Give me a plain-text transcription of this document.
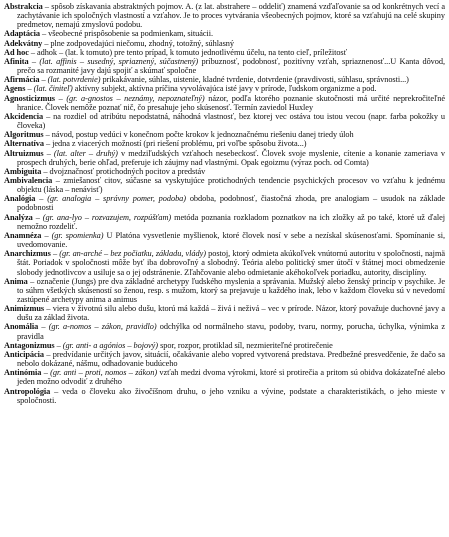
Abstrakcia – spôsob získavania abstraktných pojmov. A. (z lat. abstrahere – oddeliť) znamená vzďaľovanie sa od konkrétnych vecí a zachytávanie ich spoločných vlastností a vzťahov. Je to proces vytvárania všeobecných pojmov, ktoré sa vzťahujú na celé skupiny predmetov, nemajú zmyslovú podobu.

Adaptácia – všeobecné prispôsobenie sa podmienkam, situácii.

Adekvátny – plne zodpovedajúci niečomu, zhodný, totožný, súhlasný

Ad hoc – adhok – (lat. k tomuto) pre tento prípad, k tomuto jednotlivému účelu, na tento cieľ, príležitosť

Afinita – (lat. affinis – susedný, spriaznený, súčastnený) príbuznosť, podobnosť, pozitívny vzťah, spriaznenosť...U Kanta dôvod, prečo sa rozmanité javy dajú spojiť a skúmať spoločne

Afirmácia – (lat. potvrdenie) prikakávanie, súhlas, uistenie, kladné tvrdenie, dotvrdenie (pravdivosti, súhlasu, správnosti...)

Agens – (lat. činiteľ) aktívny subjekt, aktívna príčina vyvolávajúca isté javy v prírode, ľudskom organizme a pod.

Agnosticizmus – (gr. a-gnostos – neznámy, nepoznateľný) názor, podľa ktorého poznanie skutočnosti má určité neprekročiteľné hranice. Človek nemôže poznať nič, čo presahuje jeho skúsenosť. Termín zaviedol Huxley

Akcidencia – na rozdiel od atribútu nepodstatná, náhodná vlastnosť, bez ktorej vec ostáva tou istou vecou (napr. farba pokožky u človeka)

Algoritmus – návod, postup vedúci v konečnom počte krokov k jednoznačnému riešeniu danej triedy úloh

Alternatíva – jedna z viacerých možností (pri riešení problému, pri voľbe spôsobu života...)

Altruizmus – (lat. alter – druhý) v medziľudských vzťahoch nesebeckosť. Človek svoje myslenie, cítenie a konanie zameriava v prospech druhých, berie ohľad, preferuje ich záujmy nad vlastnými. Opak egoizmu (výraz poch. od Comta)

Ambiguita – dvojznačnosť protichodných pocitov a predstáv

Ambivalencia – zmiešanosť citov, súčasne sa vyskytujúce protichodných tendencie psychických procesov vo vzťahu k jednému objektu (láska – nenávisť)

Analógia – (gr. analogia – správny pomer, podoba) obdoba, podobnosť, čiastočná zhoda, pre analogiam – usudok na základe podobnosti

Analýza – (gr. ana-lyo – rozvazujem, rozpúšťam) metóda poznania rozkladom poznatkov na ich zložky až po také, ktoré už ďalej nemožno rozdeliť.

Anamnéza – (gr. spomienka) U Platóna vysvetlenie myšlienok, ktoré človek nosí v sebe a nezískal skúsenosťami. Spomínanie si, uvedomovanie.

Anarchizmus – (gr. an-arché – bez počiatku, základu, vlády) postoj, ktorý odmieta akúkoľvek vnútornú autoritu v spoločnosti, najmä štát. Poriadok v spoločnosti môže byť iba dobrovoľný a slobodný. Teória alebo politický smer útočí v štátnej moci obmedzenie slobody jednotlivcov a usiluje sa o jej odstránenie. Zľahčovanie alebo odmietanie akéhokoľvek poriadku, autority, disciplíny.

Anima – označenie (Jungs) pre dva základné archetypy ľudského myslenia a správania. Mužský alebo ženský princíp v psychike. Je to súhrn všetkých skúseností so ženou, resp. s mužom, ktorý sa prejavuje u každého inak, lebo v každom človeku sú v nevedomí zastúpené archetypy anima a animus

Animizmus – viera v životnú silu alebo dušu, ktorú má každá – živá i neživá – vec v prírode. Názor, ktorý považuje duchovné javy a dušu za základ života.

Anomália – (gr. a-nomos – zákon, pravidlo) odchýlka od normálneho stavu, podoby, tvaru, normy, porucha, úchylka, výnimka z pravidla

Antagonizmus – (gr. anti- a agónios – bojový) spor, rozpor, protiklad síl, nezmieriteľné protirečenie

Anticipácia – predvídanie určitých javov, situácií, očakávanie alebo vopred vytvorená predstava. Predbežné presvedčenie, že dačo sa nebolo dokázané, nášmu, odhadovanie budúceho

Antinómia – (gr. anti – proti, nomos – zákon) vzťah medzi dvoma výrokmi, ktoré si protirečia a pritom sú obidva dokázateľné alebo jeden možno odvodiť z druhého

Antropológia – veda o človeku ako živočíšnom druhu, o jeho vzniku a vývine, podstate a charakteristikách, o jeho mieste v spoločnosti.
